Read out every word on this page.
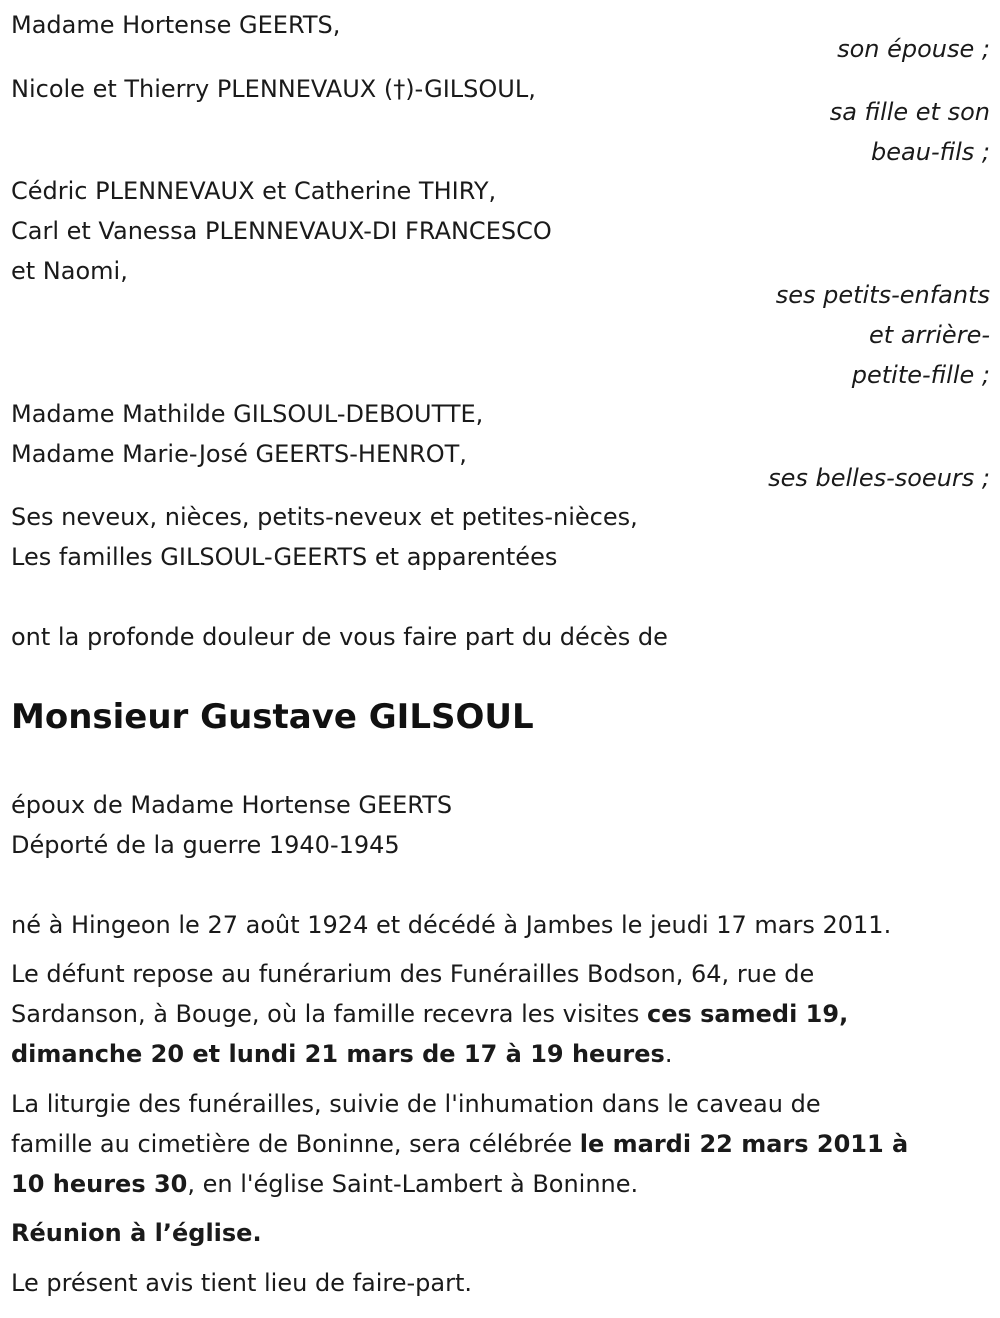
Madame Hortense GEERTS,
son épouse ;
Nicole et Thierry PLENNEVAUX (†)-GILSOUL,
sa fille et son
beau-fils ;
Cédric PLENNEVAUX et Catherine THIRY,
Carl et Vanessa PLENNEVAUX-DI FRANCESCO
et Naomi,
ses petits-enfants
et arrière-
petite-fille ;
Madame Mathilde GILSOUL-DEBOUTTE,
Madame Marie-José GEERTS-HENROT,
ses belles-soeurs ;
Ses neveux, nièces, petits-neveux et petites-nièces,
Les familles GILSOUL-GEERTS et apparentées
ont la profonde douleur de vous faire part du décès de
Monsieur Gustave GILSOUL
époux de Madame Hortense GEERTS
Déporté de la guerre 1940-1945
né à Hingeon le 27 août 1924 et décédé à Jambes le jeudi 17 mars 2011.
Le défunt repose au funérarium des Funérailles Bodson, 64, rue de
Sardanson, à Bouge, où la famille recevra les visites ces samedi 19,
dimanche 20 et lundi 21 mars de 17 à 19 heures.
La liturgie des funérailles, suivie de l'inhumation dans le caveau de
famille au cimetière de Boninne, sera célébrée le mardi 22 mars 2011 à
10 heures 30, en l'église Saint-Lambert à Boninne.
Réunion à l’église.
Le présent avis tient lieu de faire-part.
